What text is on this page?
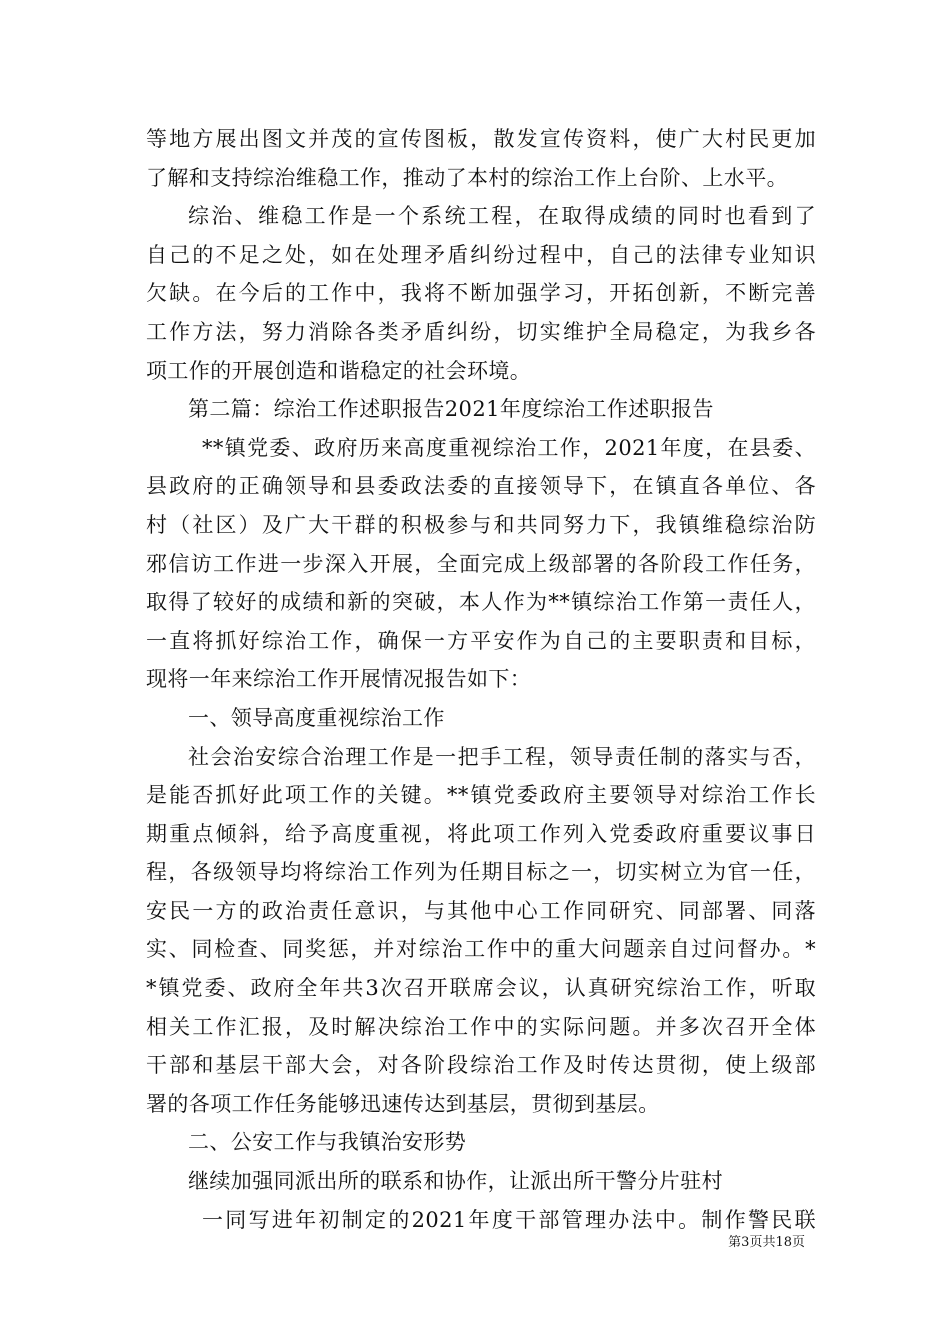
等地方展出图文并茂的宣传图板，散发宣传资料，使广大村民更加
了解和支持综治维稳工作，推动了本村的综治工作上台阶、上水平。
综治、维稳工作是一个系统工程，在取得成绩的同时也看到了
自己的不足之处，如在处理矛盾纠纷过程中，自己的法律专业知识
欠缺。在今后的工作中，我将不断加强学习，开拓创新，不断完善
工作方法，努力消除各类矛盾纠纷，切实维护全局稳定，为我乡各
项工作的开展创造和谐稳定的社会环境。
第二篇：综治工作述职报告2021年度综治工作述职报告
**镇党委、政府历来高度重视综治工作，2021年度，在县委、
县政府的正确领导和县委政法委的直接领导下，在镇直各单位、各
村（社区）及广大干群的积极参与和共同努力下，我镇维稳综治防
邪信访工作进一步深入开展，全面完成上级部署的各阶段工作任务，
取得了较好的成绩和新的突破，本人作为**镇综治工作第一责任人，
一直将抓好综治工作，确保一方平安作为自己的主要职责和目标，
现将一年来综治工作开展情况报告如下：
一、领导高度重视综治工作
社会治安综合治理工作是一把手工程，领导责任制的落实与否，
是能否抓好此项工作的关键。**镇党委政府主要领导对综治工作长
期重点倾斜，给予高度重视，将此项工作列入党委政府重要议事日
程，各级领导均将综治工作列为任期目标之一，切实树立为官一任，
安民一方的政治责任意识，与其他中心工作同研究、同部署、同落
实、同检查、同奖惩，并对综治工作中的重大问题亲自过问督办。*
*镇党委、政府全年共3次召开联席会议，认真研究综治工作，听取
相关工作汇报，及时解决综治工作中的实际问题。并多次召开全体
干部和基层干部大会，对各阶段综治工作及时传达贯彻，使上级部
署的各项工作任务能够迅速传达到基层，贯彻到基层。
二、公安工作与我镇治安形势
继续加强同派出所的联系和协作，让派出所干警分片驻村
一同写进年初制定的2021年度干部管理办法中。制作警民联
第3页共18页
